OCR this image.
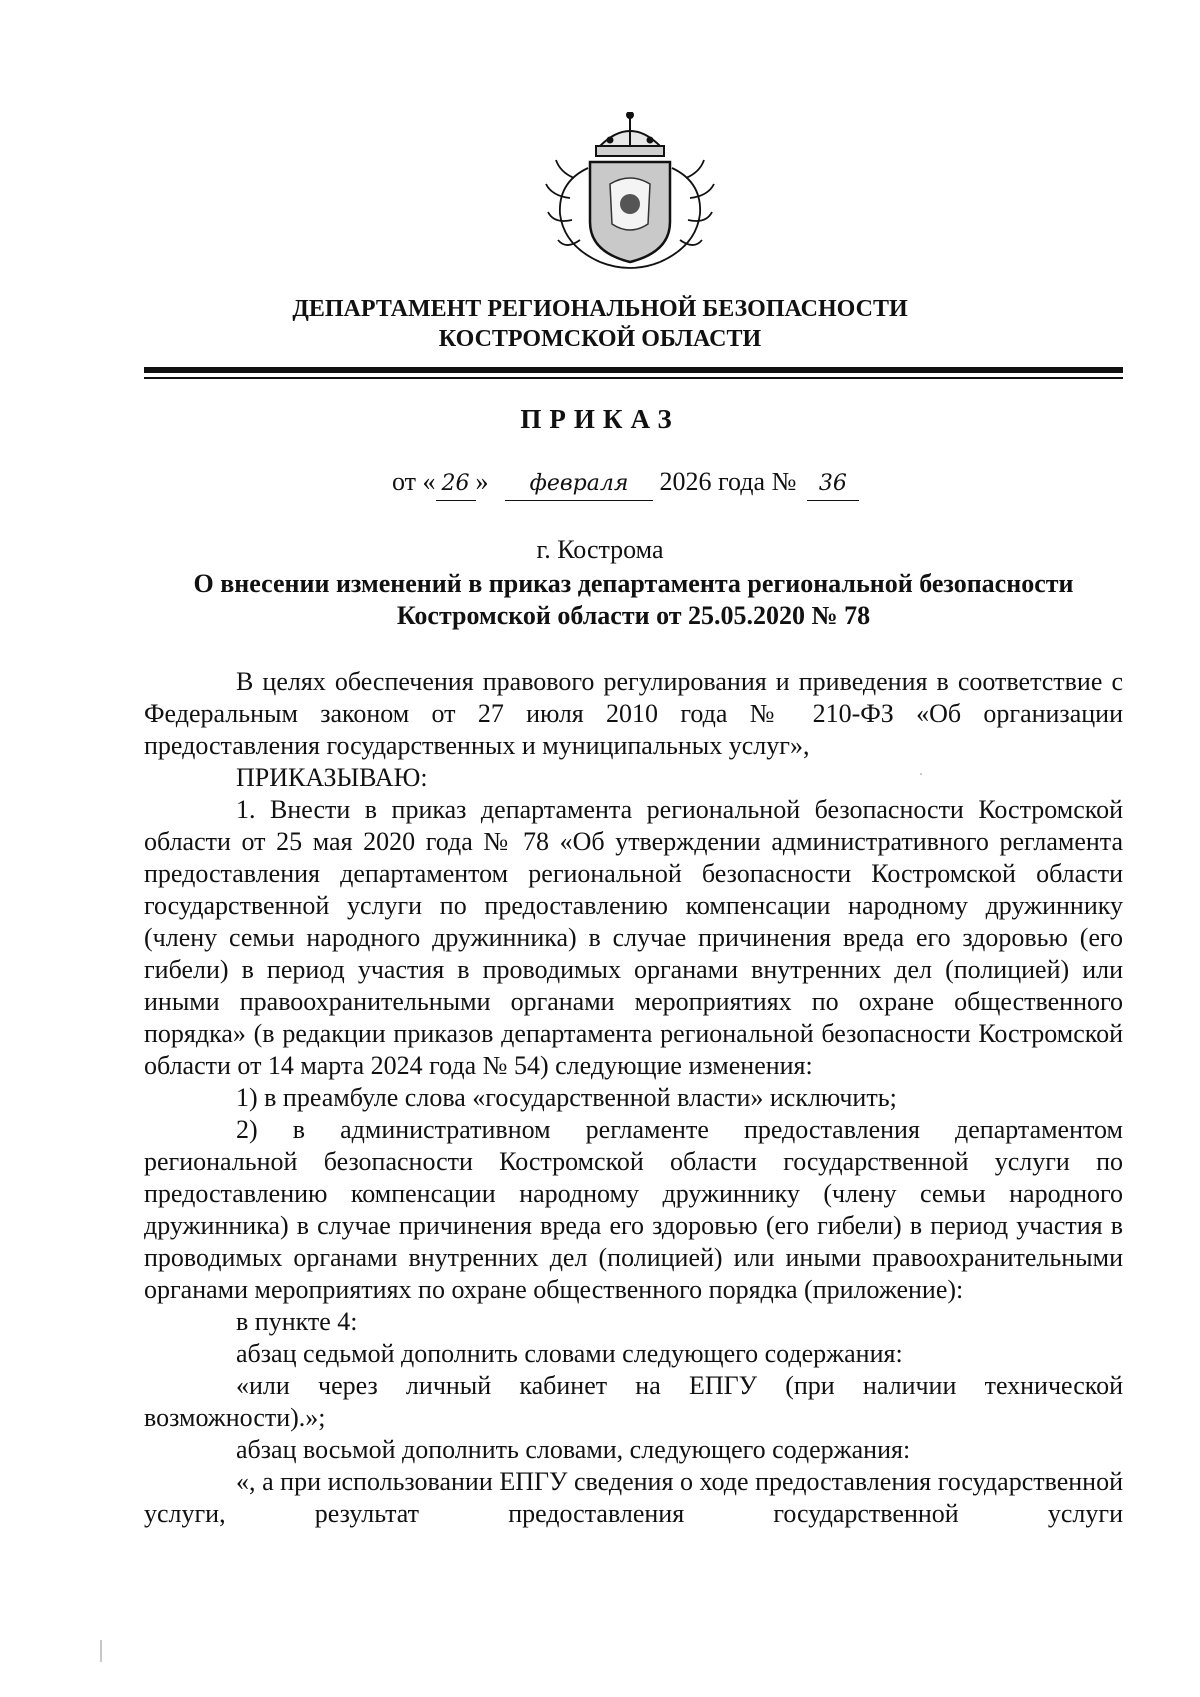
ДЕПАРТАМЕНТ РЕГИОНАЛЬНОЙ БЕЗОПАСНОСТИ
КОСТРОМСКОЙ ОБЛАСТИ
ПРИКАЗ
от « 26 » февраля 2026 года № 36
г. Кострома
О внесении изменений в приказ департамента региональной безопасности
Костромской области от 25.05.2020 № 78

В целях обеспечения правового регулирования и приведения в соответствие с Федеральным законом от 27 июля 2010 года № 210-ФЗ «Об организации предоставления государственных и муниципальных услуг»,

ПРИКАЗЫВАЮ:

1. Внести в приказ департамента региональной безопасности Костромской области от 25 мая 2020 года № 78 «Об утверждении административного регламента предоставления департаментом региональной безопасности Костромской области государственной услуги по предоставлению компенсации народному дружиннику (члену семьи народного дружинника) в случае причинения вреда его здоровью (его гибели) в период участия в проводимых органами внутренних дел (полицией) или иными правоохранительными органами мероприятиях по охране общественного порядка» (в редакции приказов департамента региональной безопасности Костромской области от 14 марта 2024 года № 54) следующие изменения:

1) в преамбуле слова «государственной власти» исключить;

2) в административном регламенте предоставления департаментом региональной безопасности Костромской области государственной услуги по предоставлению компенсации народному дружиннику (члену семьи народного дружинника) в случае причинения вреда его здоровью (его гибели) в период участия в проводимых органами внутренних дел (полицией) или иными правоохранительными органами мероприятиях по охране общественного порядка (приложение):

в пункте 4:

абзац седьмой дополнить словами следующего содержания:

«или через личный кабинет на ЕПГУ (при наличии технической возможности).»;

абзац восьмой дополнить словами, следующего содержания:

«, а при использовании ЕПГУ сведения о ходе предоставления государственной услуги, результат предоставления государственной услуги
